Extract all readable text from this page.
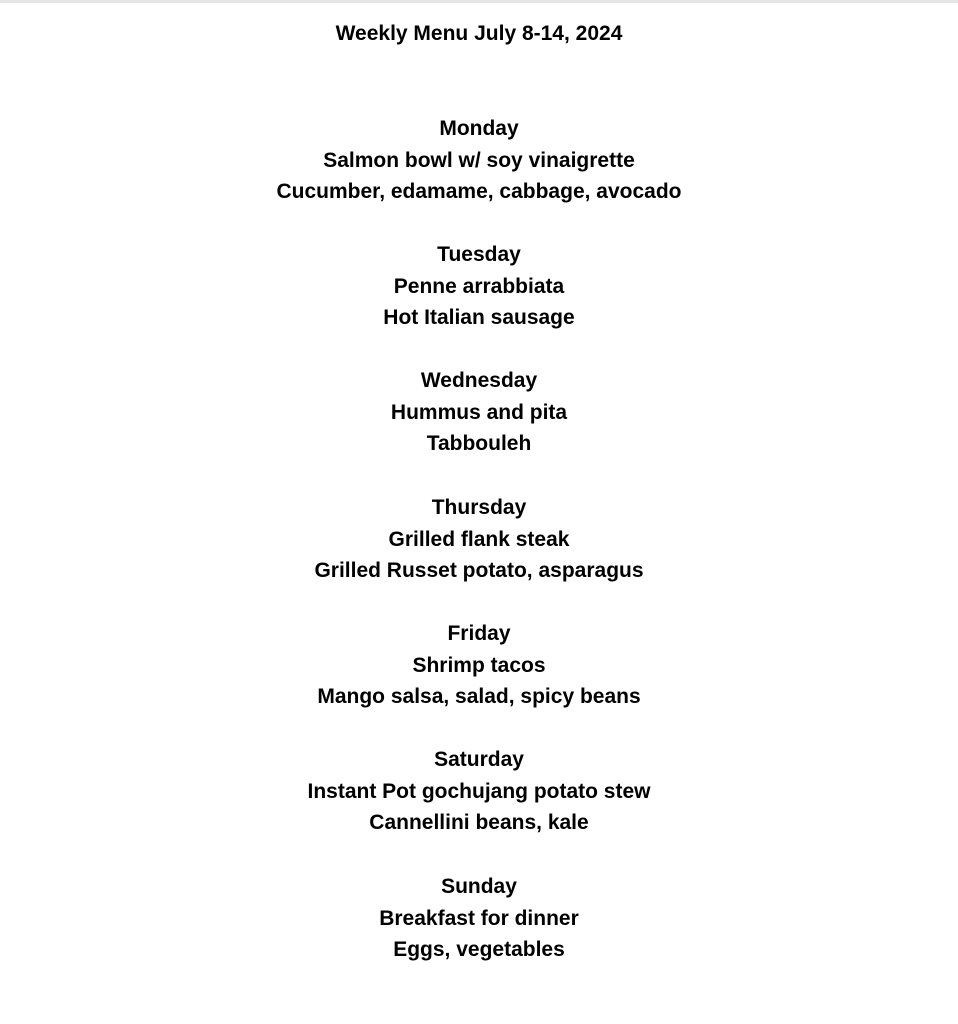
Weekly Menu July 8-14, 2024
Monday
Salmon bowl w/ soy vinaigrette
Cucumber, edamame, cabbage, avocado
Tuesday
Penne arrabbiata
Hot Italian sausage
Wednesday
Hummus and pita
Tabbouleh
Thursday
Grilled flank steak
Grilled Russet potato, asparagus
Friday
Shrimp tacos
Mango salsa, salad, spicy beans
Saturday
Instant Pot gochujang potato stew
Cannellini beans, kale
Sunday
Breakfast for dinner
Eggs, vegetables
